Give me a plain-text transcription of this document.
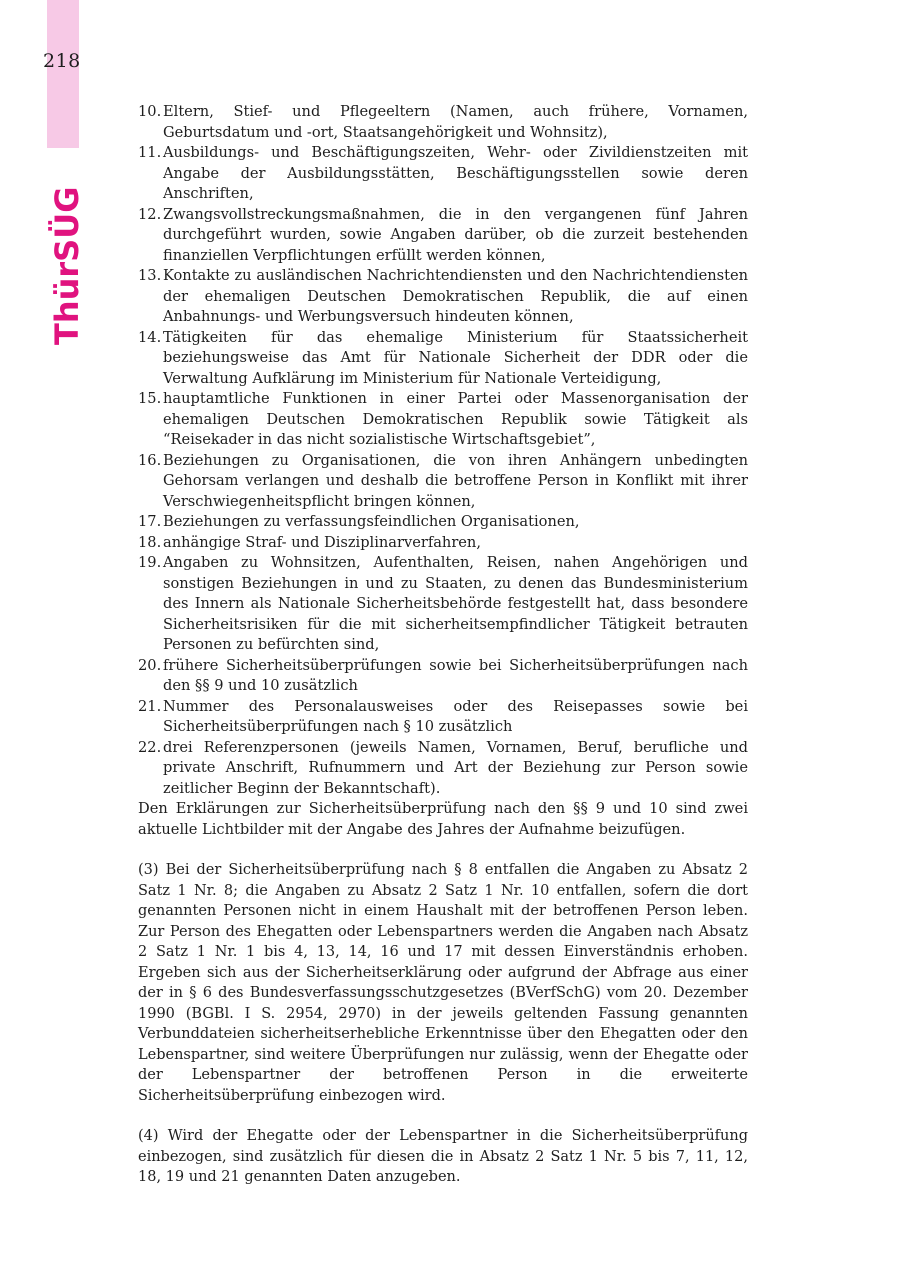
218
ThürSÜG
10. Eltern, Stief- und Pflegeeltern (Namen, auch frühere, Vornamen, Geburtsdatum und -ort, Staatsangehörigkeit und Wohnsitz),
11. Ausbildungs- und Beschäftigungszeiten, Wehr- oder Zivildienstzeiten mit Angabe der Ausbildungsstätten, Beschäftigungsstellen sowie deren Anschriften,
12. Zwangsvollstreckungsmaßnahmen, die in den vergangenen fünf Jahren durchgeführt wurden, sowie Angaben darüber, ob die zurzeit bestehenden finanziellen Verpflichtungen erfüllt werden können,
13. Kontakte zu ausländischen Nachrichtendiensten und den Nachrichtendiensten der ehemaligen Deutschen Demokratischen Republik, die auf einen Anbahnungs- und Werbungsversuch hindeuten können,
14. Tätigkeiten für das ehemalige Ministerium für Staatssicherheit beziehungsweise das Amt für Nationale Sicherheit der DDR oder die Verwaltung Aufklärung im Ministerium für Nationale Verteidigung,
15. hauptamtliche Funktionen in einer Partei oder Massenorganisation der ehemaligen Deutschen Demokratischen Republik sowie Tätigkeit als “Reisekader in das nicht sozialistische Wirtschaftsgebiet”,
16. Beziehungen zu Organisationen, die von ihren Anhängern unbedingten Gehorsam verlangen und deshalb die betroffene Person in Konflikt mit ihrer Verschwiegenheitspflicht bringen können,
17. Beziehungen zu verfassungsfeindlichen Organisationen,
18. anhängige Straf- und Disziplinarverfahren,
19. Angaben zu Wohnsitzen, Aufenthalten, Reisen, nahen Angehörigen und sonstigen Beziehungen in und zu Staaten, zu denen das Bundesministerium des Innern als Nationale Sicherheitsbehörde festgestellt hat, dass besondere Sicherheitsrisiken für die mit sicherheitsempfindlicher Tätigkeit betrauten Personen zu befürchten sind,
20. frühere Sicherheitsüberprüfungen sowie bei Sicherheitsüberprüfungen nach den §§ 9 und 10 zusätzlich
21. Nummer des Personalausweises oder des Reisepasses sowie bei Sicherheitsüberprüfungen nach § 10 zusätzlich
22. drei Referenzpersonen (jeweils Namen, Vornamen, Beruf, berufliche und private Anschrift, Rufnummern und Art der Beziehung zur Person sowie zeitlicher Beginn der Bekanntschaft).

Den Erklärungen zur Sicherheitsüberprüfung nach den §§ 9 und 10 sind zwei aktuelle Lichtbilder mit der Angabe des Jahres der Aufnahme beizufügen.

(3) Bei der Sicherheitsüberprüfung nach § 8 entfallen die Angaben zu Absatz 2 Satz 1 Nr. 8; die Angaben zu Absatz 2 Satz 1 Nr. 10 entfallen, sofern die dort genannten Personen nicht in einem Haushalt mit der betroffenen Person leben. Zur Person des Ehegatten oder Lebenspartners werden die Angaben nach Absatz 2 Satz 1 Nr. 1 bis 4, 13, 14, 16 und 17 mit dessen Einverständnis erhoben. Ergeben sich aus der Sicherheitserklärung oder aufgrund der Abfrage aus einer der in § 6 des Bundesverfassungsschutzgesetzes (BVerfSchG) vom 20. Dezember 1990 (BGBl. I S. 2954, 2970) in der jeweils geltenden Fassung genannten Verbunddateien sicherheitserhebliche Erkenntnisse über den Ehegatten oder den Lebenspartner, sind weitere Überprüfungen nur zulässig, wenn der Ehegatte oder der Lebenspartner der betroffenen Person in die erweiterte Sicherheitsüberprüfung einbezogen wird.

(4) Wird der Ehegatte oder der Lebenspartner in die Sicherheitsüberprüfung einbezogen, sind zusätzlich für diesen die in Absatz 2 Satz 1 Nr. 5 bis 7, 11, 12, 18, 19 und 21 genannten Daten anzugeben.
